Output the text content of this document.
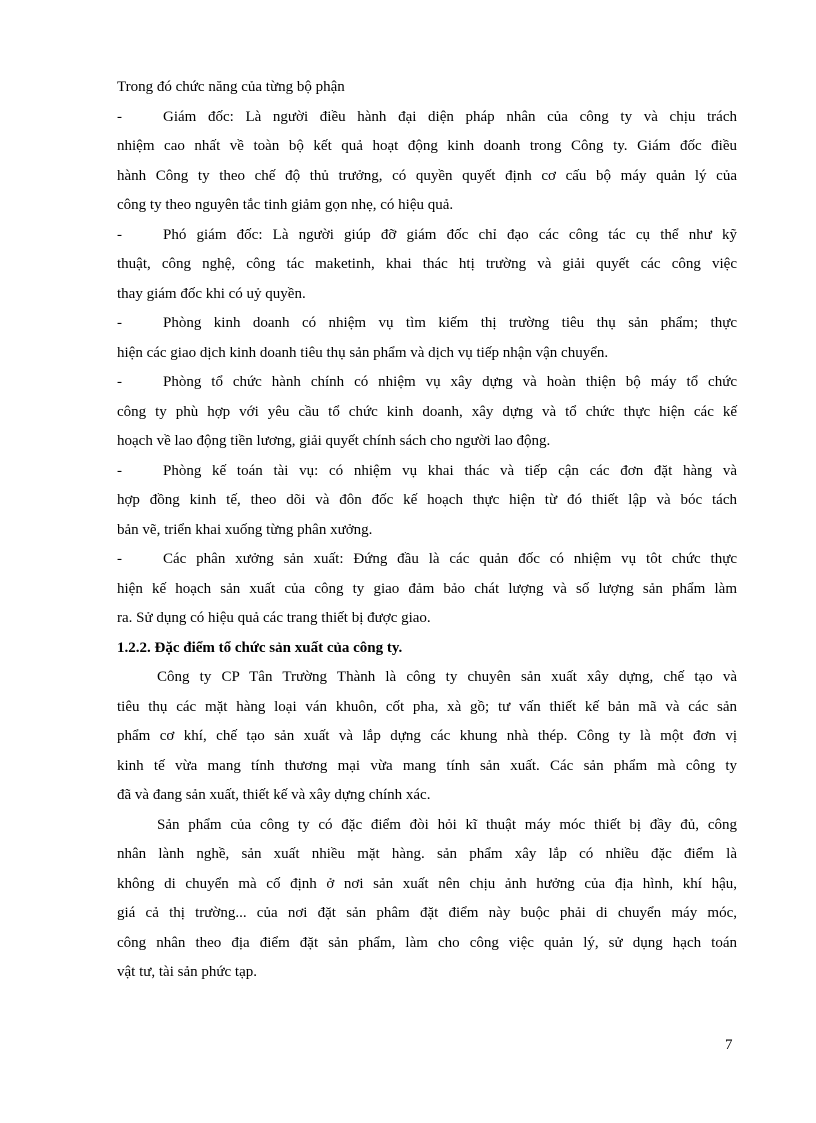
Trong đó chức năng của từng bộ phận
-	Giám đốc: Là người điều hành đại diện pháp nhân của công ty và chịu trách
nhiệm cao nhất về toàn bộ kết quả hoạt động kinh doanh trong Công ty. Giám đốc điều
hành Công ty theo chế độ thủ trưởng, có quyền quyết định cơ cấu bộ máy quản lý của
công ty theo nguyên tắc tinh giảm gọn nhẹ, có hiệu quả.
-	Phó giám đốc: Là người giúp đỡ giám đốc chỉ đạo các công tác cụ thể như kỹ
thuật, công nghệ, công tác maketinh, khai thác htị trường và giải quyết các công việc
thay giám đốc khi có uỷ quyền.
-	Phòng kinh doanh có nhiệm vụ tìm kiếm thị trường tiêu thụ sản phẩm; thực
hiện các giao dịch kinh doanh tiêu thụ sản phẩm và dịch vụ tiếp nhận vận chuyển.
-	Phòng tổ chức hành chính có nhiệm vụ xây dựng và hoàn thiện bộ máy tổ chức
công ty phù hợp với yêu cầu tổ chức kinh doanh, xây dựng và tổ chức thực hiện các kế
hoạch về lao động tiền lương, giải quyết chính sách cho người lao động.
-	Phòng kế toán tài vụ: có nhiệm vụ khai thác và tiếp cận các đơn đặt hàng và
hợp đồng kinh tế, theo dõi và đôn đốc kế hoạch thực hiện từ đó thiết lập và bóc tách
bản vẽ, triển khai xuống từng phân xưởng.
-	Các phân xưởng sản xuất: Đứng đầu là các quản đốc có nhiệm vụ tôt chức thực
hiện kế hoạch sản xuất của công ty giao đảm bảo chát lượng và số lượng sản phẩm làm
ra. Sử dụng có hiệu quả các trang thiết bị được giao.
1.2.2. Đặc điểm tổ chức sản xuất của công ty.
Công ty CP Tân Trường Thành là công ty chuyên sản xuất xây dựng, chế tạo và
tiêu thụ các mặt hàng loại ván khuôn, cốt pha, xà gồ; tư vấn thiết kế bản mã và các sản
phẩm cơ khí, chế tạo sản xuất và lắp dựng các khung nhà thép. Công ty là một đơn vị
kinh tế vừa mang tính thương mại vừa mang tính sản xuất. Các sản phẩm mà công ty
đã và đang sản xuất, thiết kế và xây dựng chính xác.
Sản phẩm của công ty có đặc điểm đòi hỏi kĩ thuật máy móc thiết bị đầy đủ, công
nhân lành nghề, sản xuất nhiều mặt hàng. sản phẩm xây lắp có nhiều đặc điểm là
không di chuyển mà cố định ở nơi sản xuất nên chịu ảnh hưởng của địa hình, khí hậu,
giá cả thị trường... của nơi đặt sản phâm đặt điểm này buộc phải di chuyển máy móc,
công nhân theo địa điểm đặt sản phẩm, làm cho công việc quản lý, sử dụng hạch toán
vật tư, tài sản phức tạp.
7
